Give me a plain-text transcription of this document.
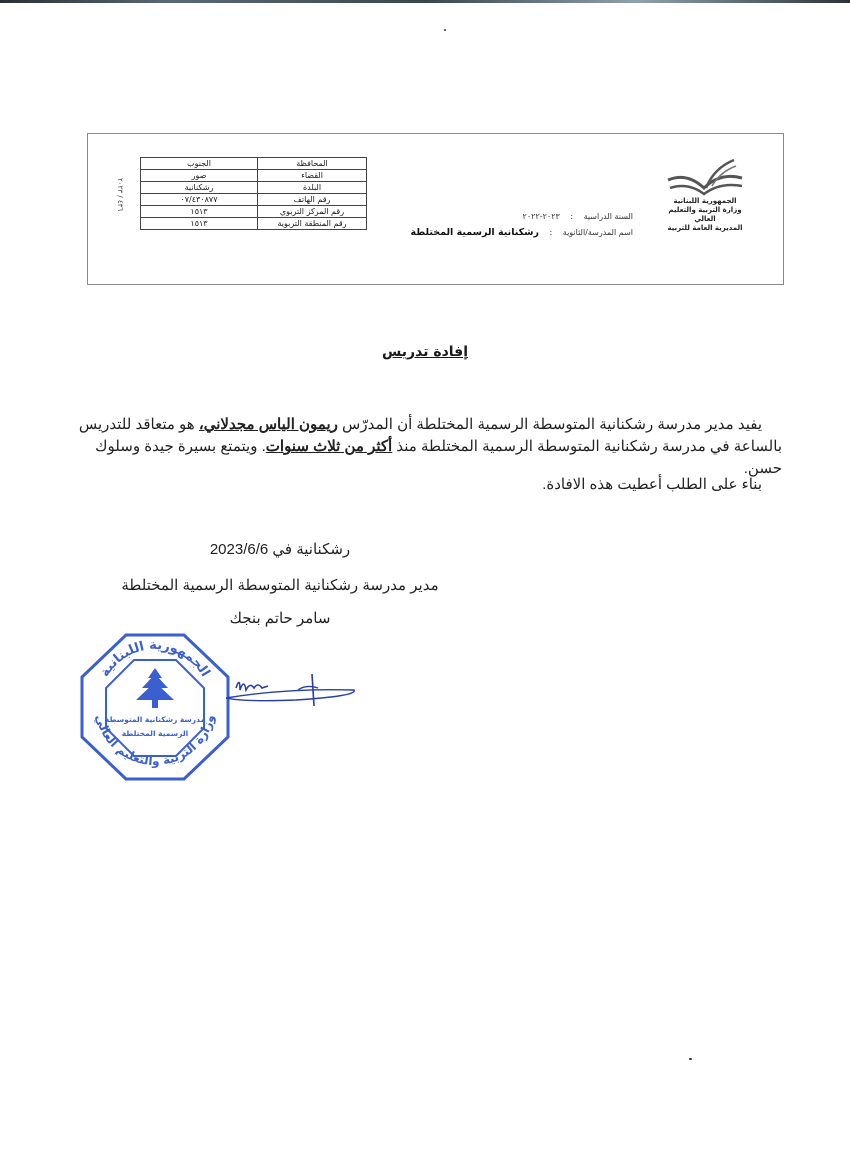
المحافظة	الجنوب
القضاء	صور
البلدة	رشكنانية
رقم الهاتف	٠٧/٤٣٠٨٧٧
رقم المركز التربوي	١٥١٣
رقم المنطقة التربوية	١٥١٣
٤٣٦ / ٢٠٢٣
السنة الدراسية : ٢٠٢٣-٢٠٢٢
اسم المدرسة/الثانوية : رشكنانية الرسمية المختلطة
الجمهورية اللبنانية
وزارة التربية والتعليم العالي
المديرية العامة للتربية
إفادة تدريس
يفيد مدير مدرسة رشكنانية المتوسطة الرسمية المختلطة أن المدرّس ريمون الياس مجدلاني، هو متعاقد للتدريس بالساعة في مدرسة رشكنانية المتوسطة الرسمية المختلطة منذ أكثر من ثلاث سنوات. ويتمتع بسيرة جيدة وسلوك حسن.
بناء على الطلب أعطيت هذه الافادة.
رشكنانية في 2023/6/6
مدير مدرسة رشكنانية المتوسطة الرسمية المختلطة
سامر حاتم بنجك
الجمهورية اللبنانية
وزارة التربية والتعليم العالي
مدرسة رشكنانية المتوسطة
الرسمية المختلطة
